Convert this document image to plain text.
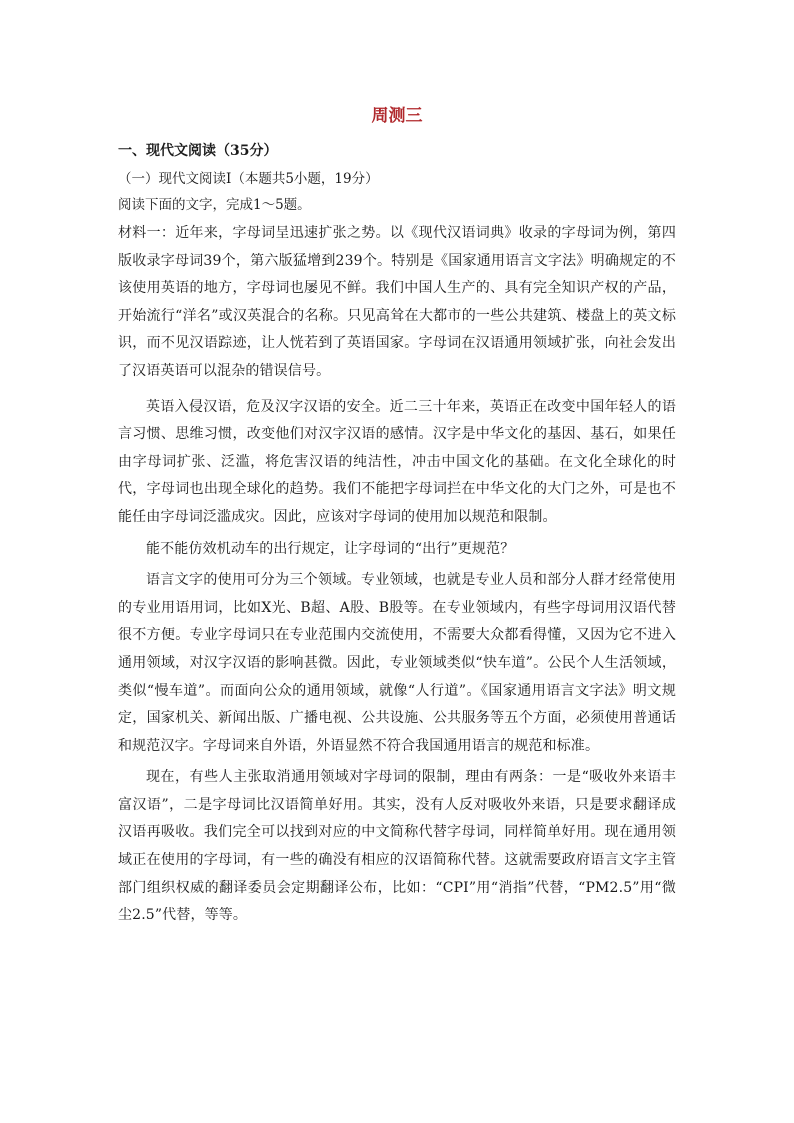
周测三
一、现代文阅读（35分）
（一）现代文阅读Ⅰ（本题共5小题，19分）
阅读下面的文字，完成1～5题。

材料一：近年来，字母词呈迅速扩张之势。以《现代汉语词典》收录的字母词为例，第四版收录字母词39个，第六版猛增到239个。特别是《国家通用语言文字法》明确规定的不该使用英语的地方，字母词也屡见不鲜。我们中国人生产的、具有完全知识产权的产品，开始流行“洋名”或汉英混合的名称。只见高耸在大都市的一些公共建筑、楼盘上的英文标识，而不见汉语踪迹，让人恍若到了英语国家。字母词在汉语通用领域扩张，向社会发出了汉语英语可以混杂的错误信号。

英语入侵汉语，危及汉字汉语的安全。近二三十年来，英语正在改变中国年轻人的语言习惯、思维习惯，改变他们对汉字汉语的感情。汉字是中华文化的基因、基石，如果任由字母词扩张、泛滥，将危害汉语的纯洁性，冲击中国文化的基础。在文化全球化的时代，字母词也出现全球化的趋势。我们不能把字母词拦在中华文化的大门之外，可是也不能任由字母词泛滥成灾。因此，应该对字母词的使用加以规范和限制。

能不能仿效机动车的出行规定，让字母词的“出行”更规范？

语言文字的使用可分为三个领域。专业领域，也就是专业人员和部分人群才经常使用的专业用语用词，比如X光、B超、A股、B股等。在专业领域内，有些字母词用汉语代替很不方便。专业字母词只在专业范围内交流使用，不需要大众都看得懂，又因为它不进入通用领域，对汉字汉语的影响甚微。因此，专业领域类似“快车道”。公民个人生活领域，类似“慢车道”。而面向公众的通用领域，就像“人行道”。《国家通用语言文字法》明文规定，国家机关、新闻出版、广播电视、公共设施、公共服务等五个方面，必须使用普通话和规范汉字。字母词来自外语，外语显然不符合我国通用语言的规范和标准。

现在，有些人主张取消通用领域对字母词的限制，理由有两条：一是“吸收外来语丰富汉语”，二是字母词比汉语简单好用。其实，没有人反对吸收外来语，只是要求翻译成汉语再吸收。我们完全可以找到对应的中文简称代替字母词，同样简单好用。现在通用领域正在使用的字母词，有一些的确没有相应的汉语简称代替。这就需要政府语言文字主管部门组织权威的翻译委员会定期翻译公布，比如：“CPI”用“消指”代替，“PM2.5”用“微尘2.5”代替，等等。
